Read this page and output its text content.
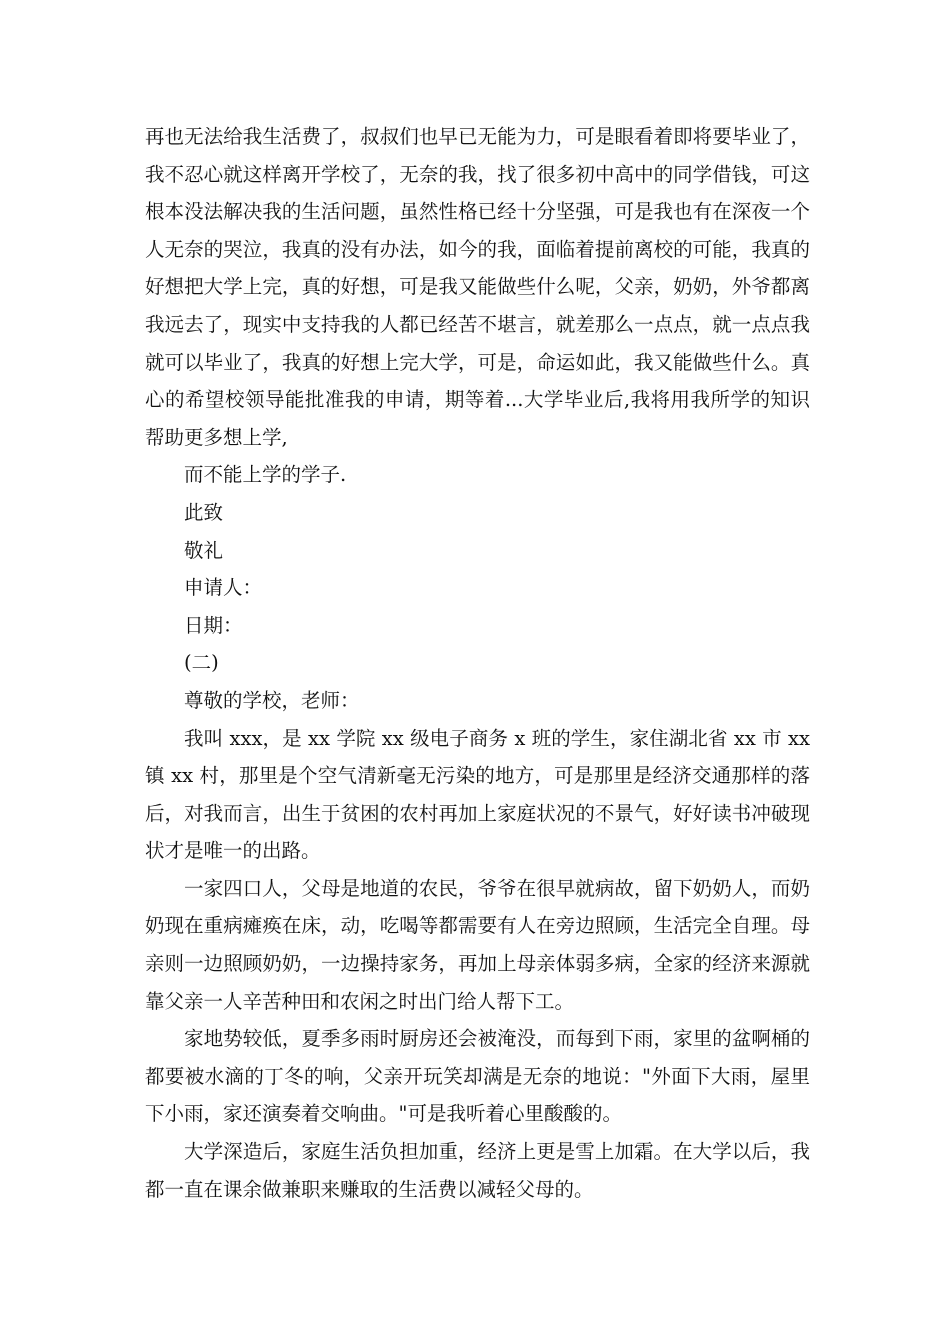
再也无法给我生活费了，叔叔们也早已无能为力，可是眼看着即将要毕业了，我不忍心就这样离开学校了，无奈的我，找了很多初中高中的同学借钱，可这根本没法解决我的生活问题，虽然性格已经十分坚强，可是我也有在深夜一个人无奈的哭泣，我真的没有办法，如今的我，面临着提前离校的可能，我真的好想把大学上完，真的好想，可是我又能做些什么呢，父亲，奶奶，外爷都离我远去了，现实中支持我的人都已经苦不堪言，就差那么一点点，就一点点我就可以毕业了，我真的好想上完大学，可是，命运如此，我又能做些什么。真心的希望校领导能批准我的申请，期等着...大学毕业后,我将用我所学的知识帮助更多想上学,

而不能上学的学子.

此致

敬礼

申请人：

日期：

(二)

尊敬的学校，老师：

我叫 xxx，是 xx 学院 xx 级电子商务 x 班的学生，家住湖北省 xx 市 xx 镇 xx 村，那里是个空气清新毫无污染的地方，可是那里是经济交通那样的落后，对我而言，出生于贫困的农村再加上家庭状况的不景气，好好读书冲破现状才是唯一的出路。

一家四口人，父母是地道的农民，爷爷在很早就病故，留下奶奶人，而奶奶现在重病瘫痪在床，动，吃喝等都需要有人在旁边照顾，生活完全自理。母亲则一边照顾奶奶，一边操持家务，再加上母亲体弱多病，全家的经济来源就靠父亲一人辛苦种田和农闲之时出门给人帮下工。

家地势较低，夏季多雨时厨房还会被淹没，而每到下雨，家里的盆啊桶的都要被水滴的丁冬的响，父亲开玩笑却满是无奈的地说："外面下大雨，屋里下小雨，家还演奏着交响曲。"可是我听着心里酸酸的。

大学深造后，家庭生活负担加重，经济上更是雪上加霜。在大学以后，我都一直在课余做兼职来赚取的生活费以减轻父母的。
